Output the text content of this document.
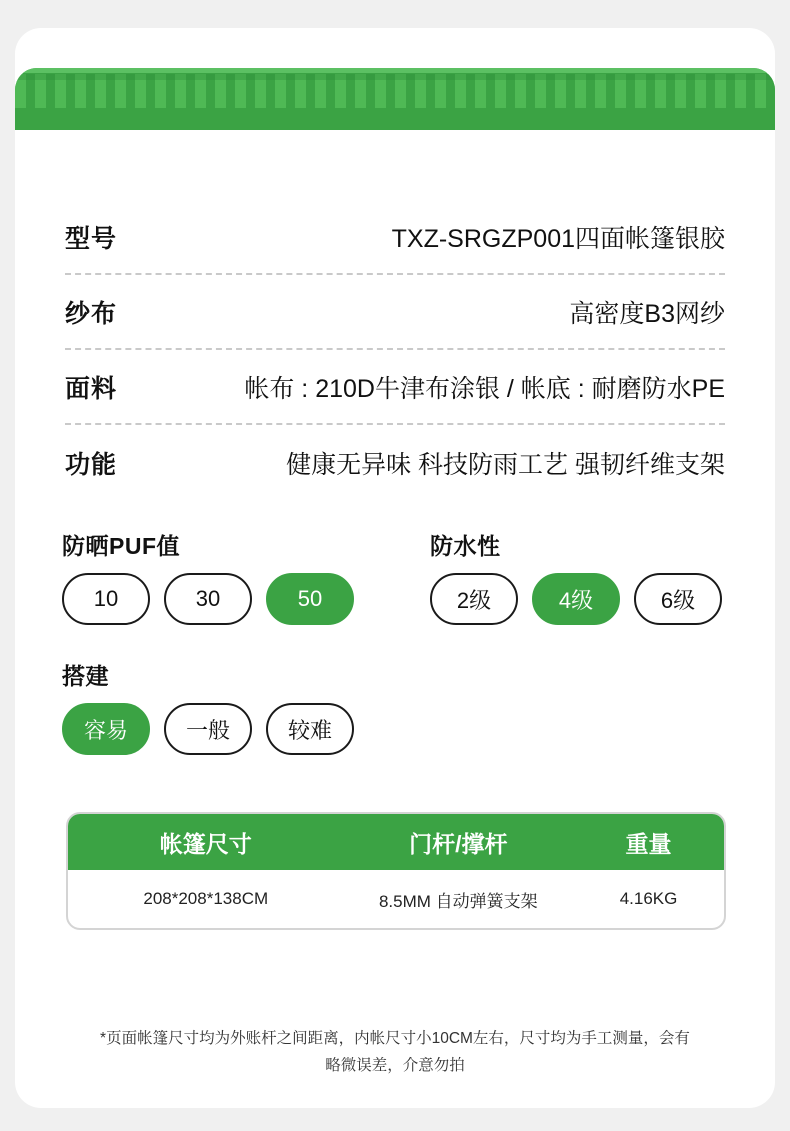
型号	TXZ-SRGZP001四面帐篷银胶
纱布	高密度B3网纱
面料	帐布 : 210D牛津布涂银 / 帐底 : 耐磨防水PE
功能	健康无异味 科技防雨工艺 强韧纤维支架
防晒PUF值
10	30	50
防水性
2级	4级	6级
搭建
容易	一般	较难
帐篷尺寸	门杆/撑杆	重量
208*208*138CM	8.5MM 自动弹簧支架	4.16KG
*页面帐篷尺寸均为外账杆之间距离，内帐尺寸小10CM左右，尺寸均为手工测量，会有
略微误差，介意勿拍
